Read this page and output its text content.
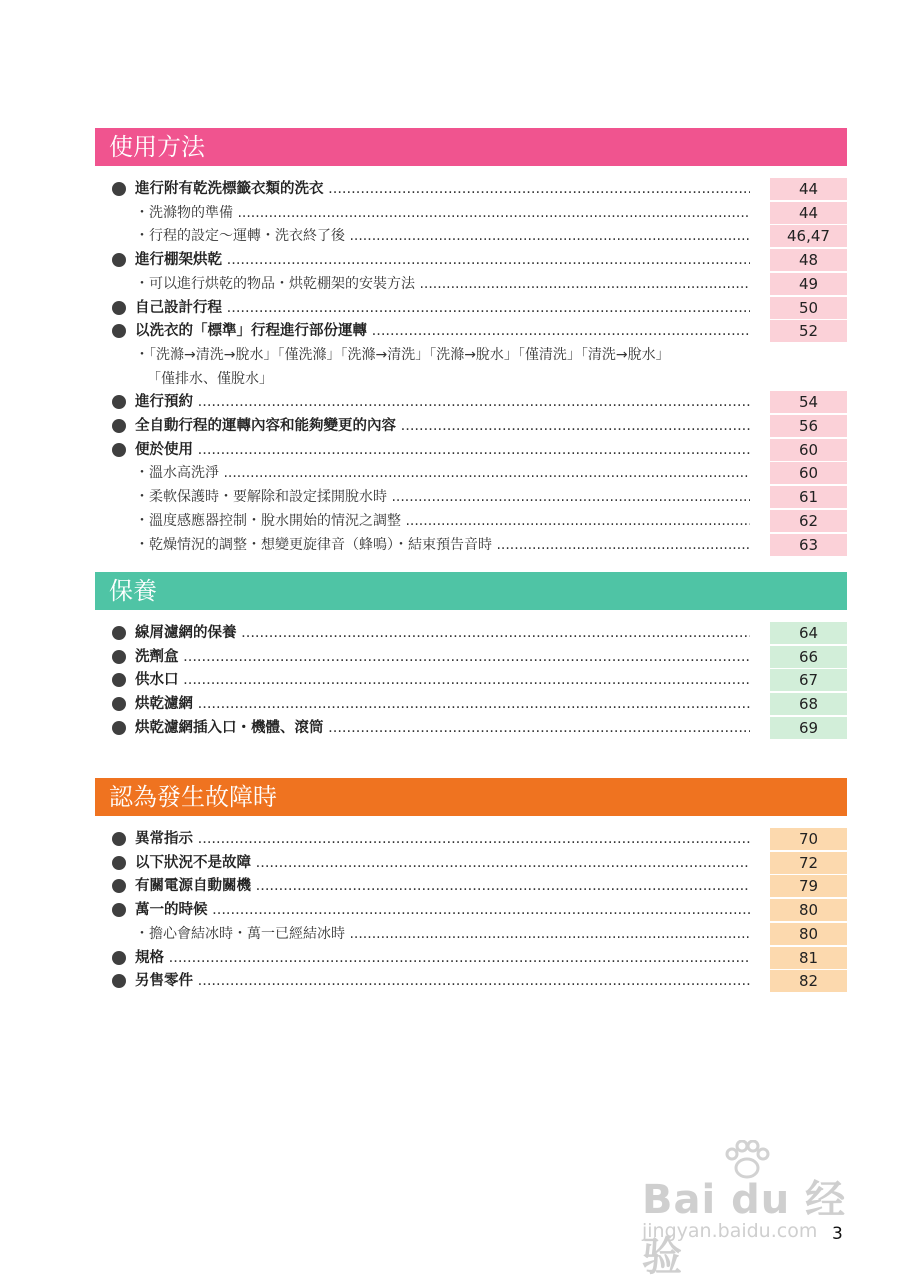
使用方法
進行附有乾洗標籤衣類的洗衣 .....	44
・洗滌物的準備 .....	44
・行程的設定～運轉・洗衣終了後 .....	46,47
進行棚架烘乾 .....	48
・可以進行烘乾的物品・烘乾棚架的安裝方法 .....	49
自己設計行程 .....	50
以洗衣的「標準」行程進行部份運轉 .....	52
・「洗滌→清洗→脫水」「僅洗滌」「洗滌→清洗」「洗滌→脫水」「僅清洗」「清洗→脫水」
「僅排水、僅脫水」
進行預約 .....	54
全自動行程的運轉內容和能夠變更的內容 .....	56
便於使用 .....	60
・溫水高洗淨 .....	60
・柔軟保護時・要解除和設定揉開脫水時 .....	61
・溫度感應器控制・脫水開始的情況之調整 .....	62
・乾燥情況的調整・想變更旋律音（蜂鳴）・結束預告音時 .....	63
保養
線屑濾網的保養 .....	64
洗劑盒 .....	66
供水口 .....	67
烘乾濾網 .....	68
烘乾濾網插入口・機體、滾筒 .....	69
認為發生故障時
異常指示 .....	70
以下狀況不是故障 .....	72
有關電源自動關機 .....	79
萬一的時候 .....	80
・擔心會結冰時・萬一已經結冰時 .....	80
規格 .....	81
另售零件 .....	82
Bai du 经验
jingyan.baidu.com 3
